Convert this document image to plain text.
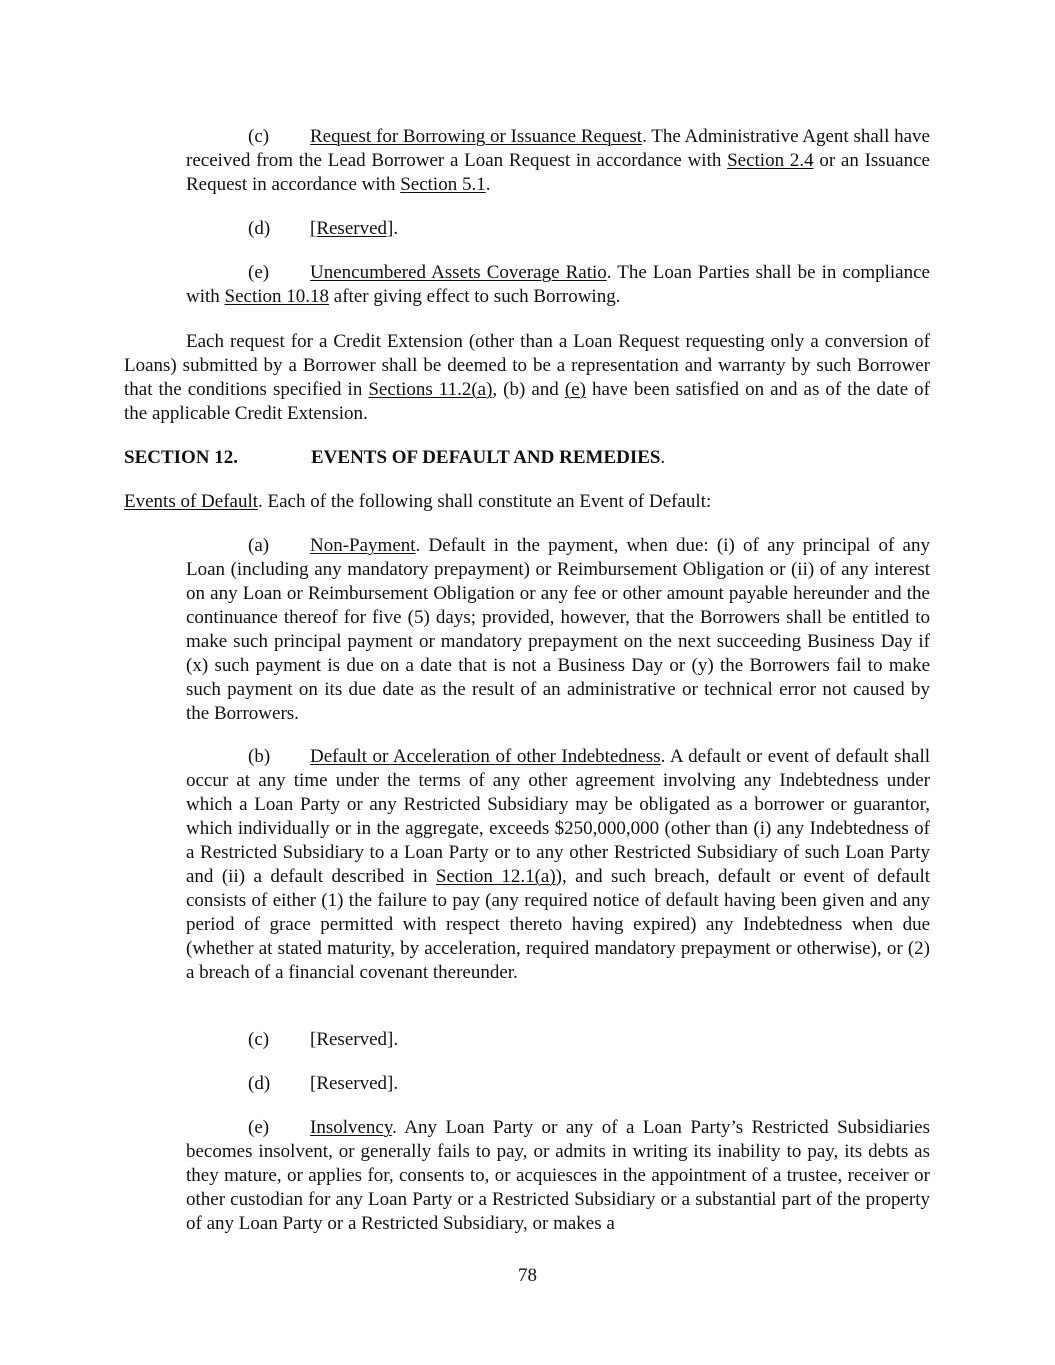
(c) Request for Borrowing or Issuance Request. The Administrative Agent shall have received from the Lead Borrower a Loan Request in accordance with Section 2.4 or an Issuance Request in accordance with Section 5.1.

(d) [Reserved].

(e) Unencumbered Assets Coverage Ratio. The Loan Parties shall be in compliance with Section 10.18 after giving effect to such Borrowing.

Each request for a Credit Extension (other than a Loan Request requesting only a conversion of Loans) submitted by a Borrower shall be deemed to be a representation and warranty by such Borrower that the conditions specified in Sections 11.2(a), (b) and (e) have been satisfied on and as of the date of the applicable Credit Extension.

SECTION 12.	EVENTS OF DEFAULT AND REMEDIES.

Events of Default. Each of the following shall constitute an Event of Default:

(a) Non-Payment. Default in the payment, when due: (i) of any principal of any Loan (including any mandatory prepayment) or Reimbursement Obligation or (ii) of any interest on any Loan or Reimbursement Obligation or any fee or other amount payable hereunder and the continuance thereof for five (5) days; provided, however, that the Borrowers shall be entitled to make such principal payment or mandatory prepayment on the next succeeding Business Day if (x) such payment is due on a date that is not a Business Day or (y) the Borrowers fail to make such payment on its due date as the result of an administrative or technical error not caused by the Borrowers.

(b) Default or Acceleration of other Indebtedness. A default or event of default shall occur at any time under the terms of any other agreement involving any Indebtedness under which a Loan Party or any Restricted Subsidiary may be obligated as a borrower or guarantor, which individually or in the aggregate, exceeds $250,000,000 (other than (i) any Indebtedness of a Restricted Subsidiary to a Loan Party or to any other Restricted Subsidiary of such Loan Party and (ii) a default described in Section 12.1(a)), and such breach, default or event of default consists of either (1) the failure to pay (any required notice of default having been given and any period of grace permitted with respect thereto having expired) any Indebtedness when due (whether at stated maturity, by acceleration, required mandatory prepayment or otherwise), or (2) a breach of a financial covenant thereunder.

(c) [Reserved].

(d) [Reserved].

(e) Insolvency. Any Loan Party or any of a Loan Party’s Restricted Subsidiaries becomes insolvent, or generally fails to pay, or admits in writing its inability to pay, its debts as they mature, or applies for, consents to, or acquiesces in the appointment of a trustee, receiver or other custodian for any Loan Party or a Restricted Subsidiary or a substantial part of the property of any Loan Party or a Restricted Subsidiary, or makes a

78
